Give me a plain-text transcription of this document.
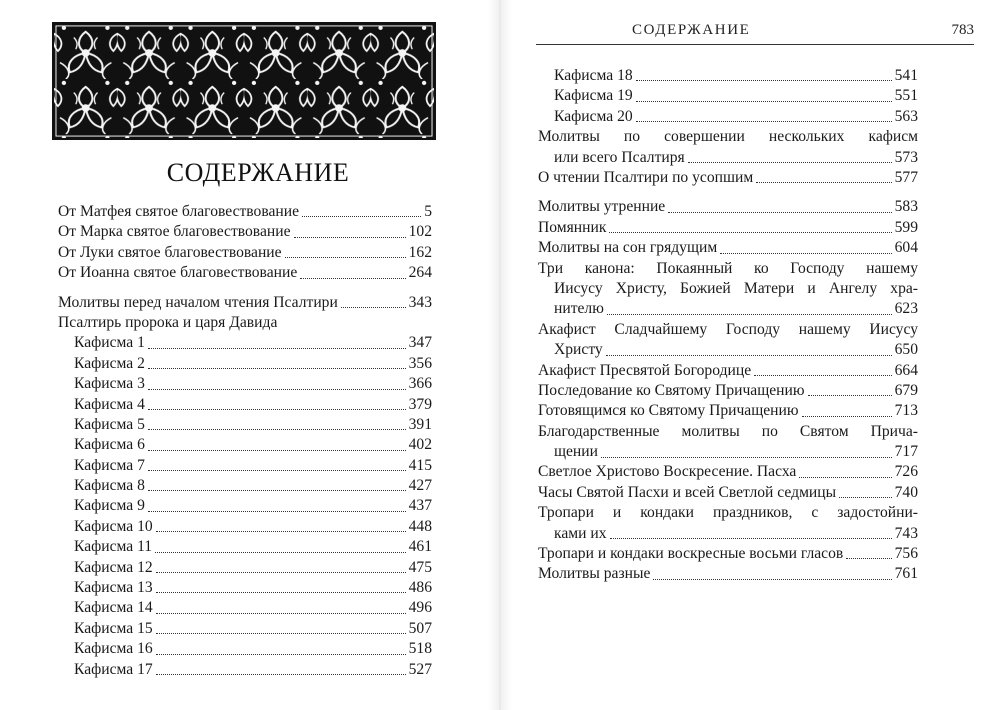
СОДЕРЖАНИЕ
От Матфея святое благовествование	5
От Марка святое благовествование	102
От Луки святое благовествование	162
От Иоанна святое благовествование	264
Молитвы перед началом чтения Псалтири	343
Псалтирь пророка и царя Давида
Кафисма 1	347
Кафисма 2	356
Кафисма 3	366
Кафисма 4	379
Кафисма 5	391
Кафисма 6	402
Кафисма 7	415
Кафисма 8	427
Кафисма 9	437
Кафисма 10	448
Кафисма 11	461
Кафисма 12	475
Кафисма 13	486
Кафисма 14	496
Кафисма 15	507
Кафисма 16	518
Кафисма 17	527
СОДЕРЖАНИЕ	783
Кафисма 18	541
Кафисма 19	551
Кафисма 20	563
Молитвы по совершении нескольких кафисм
или всего Псалтиря	573
О чтении Псалтири по усопшим	577
Молитвы утренние	583
Помянник	599
Молитвы на сон грядущим	604
Три канона: Покаянный ко Господу нашему
Иисусу Христу, Божией Матери и Ангелу хра-
нителю	623
Акафист Сладчайшему Господу нашему Иисусу
Христу	650
Акафист Пресвятой Богородице	664
Последование ко Святому Причащению	679
Готовящимся ко Святому Причащению	713
Благодарственные молитвы по Святом Прича-
щении	717
Светлое Христово Воскресение. Пасха	726
Часы Святой Пасхи и всей Светлой седмицы	740
Тропари и кондаки праздников, с задостойни-
ками их	743
Тропари и кондаки воскресные восьми гласов	756
Молитвы разные	761
